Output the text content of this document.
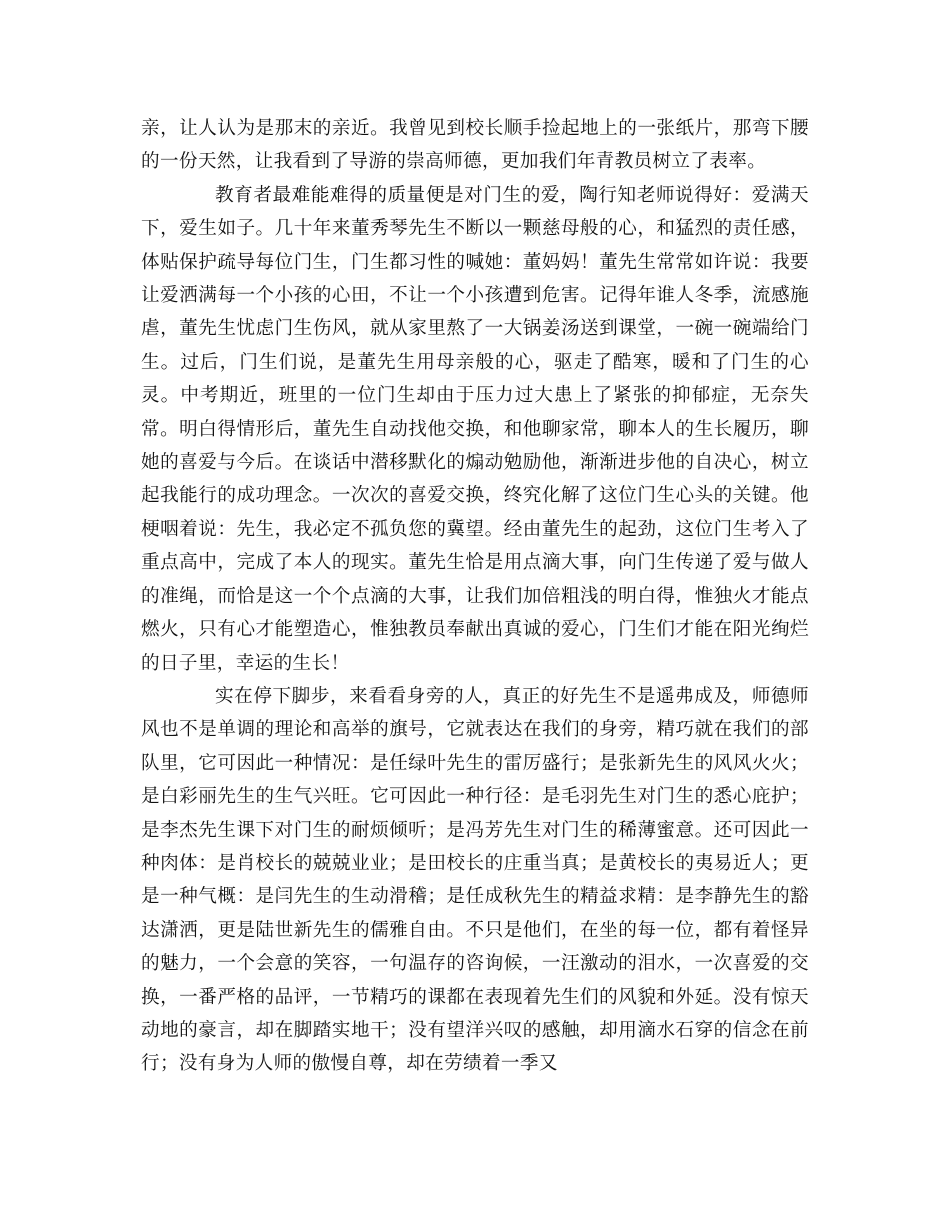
亲，让人认为是那末的亲近。我曾见到校长顺手捡起地上的一张纸片，那弯下腰的一份天然，让我看到了导游的崇高师德，更加我们年青教员树立了表率。

教育者最难能难得的质量便是对门生的爱，陶行知老师说得好：爱满天下，爱生如子。几十年来董秀琴先生不断以一颗慈母般的心，和猛烈的责任感，体贴保护疏导每位门生，门生都习性的喊她：董妈妈！董先生常常如许说：我要让爱洒满每一个小孩的心田，不让一个小孩遭到危害。记得年谁人冬季，流感施虐，董先生忧虑门生伤风，就从家里熬了一大锅姜汤送到课堂，一碗一碗端给门生。过后，门生们说，是董先生用母亲般的心，驱走了酷寒，暖和了门生的心灵。中考期近，班里的一位门生却由于压力过大患上了紧张的抑郁症，无奈失常。明白得情形后，董先生自动找他交换，和他聊家常，聊本人的生长履历，聊她的喜爱与今后。在谈话中潜移默化的煽动勉励他，渐渐进步他的自决心，树立起我能行的成功理念。一次次的喜爱交换，终究化解了这位门生心头的关键。他梗咽着说：先生，我必定不孤负您的冀望。经由董先生的起劲，这位门生考入了重点高中，完成了本人的现实。董先生恰是用点滴大事，向门生传递了爱与做人的准绳，而恰是这一个个点滴的大事，让我们加倍粗浅的明白得，惟独火才能点燃火，只有心才能塑造心，惟独教员奉献出真诚的爱心，门生们才能在阳光绚烂的日子里，幸运的生长！

实在停下脚步，来看看身旁的人，真正的好先生不是遥弗成及，师德师风也不是单调的理论和高举的旗号，它就表达在我们的身旁，精巧就在我们的部队里，它可因此一种情况：是任绿叶先生的雷厉盛行；是张新先生的风风火火；是白彩丽先生的生气兴旺。它可因此一种行径：是毛羽先生对门生的悉心庇护；是李杰先生课下对门生的耐烦倾听；是冯芳先生对门生的稀薄蜜意。还可因此一种肉体：是肖校长的兢兢业业；是田校长的庄重当真；是黄校长的夷易近人；更是一种气概：是闫先生的生动滑稽；是任成秋先生的精益求精：是李静先生的豁达潇洒，更是陆世新先生的儒雅自由。不只是他们，在坐的每一位，都有着怪异的魅力，一个会意的笑容，一句温存的咨询候，一汪激动的泪水，一次喜爱的交换，一番严格的品评，一节精巧的课都在表现着先生们的风貌和外延。没有惊天动地的豪言，却在脚踏实地干；没有望洋兴叹的感触，却用滴水石穿的信念在前行；没有身为人师的傲慢自尊，却在劳绩着一季又
